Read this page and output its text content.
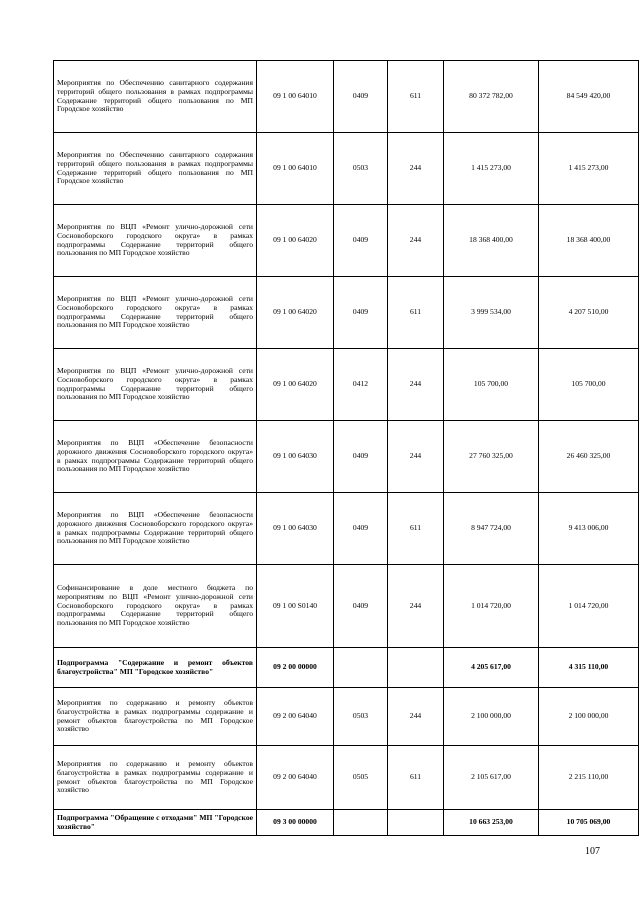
Мероприятия по Обеспечению санитарного содержания территорий общего пользования в рамках подпрограммы Содержание территорий общего пользования по МП Городское хозяйство	09 1 00 64010	0409	611	80 372 782,00	84 549 420,00
Мероприятия по Обеспечению санитарного содержания территорий общего пользования в рамках подпрограммы Содержание территорий общего пользования по МП Городское хозяйство	09 1 00 64010	0503	244	1 415 273,00	1 415 273,00
Мероприятия по ВЦП «Ремонт улично-дорожной сети Сосновоборского городского округа» в рамках подпрограммы Содержание территорий общего пользования по МП Городское хозяйство	09 1 00 64020	0409	244	18 368 400,00	18 368 400,00
Мероприятия по ВЦП «Ремонт улично-дорожной сети Сосновоборского городского округа» в рамках подпрограммы Содержание территорий общего пользования по МП Городское хозяйство	09 1 00 64020	0409	611	3 999 534,00	4 207 510,00
Мероприятия по ВЦП «Ремонт улично-дорожной сети Сосновоборского городского округа» в рамках подпрограммы Содержание территорий общего пользования по МП Городское хозяйство	09 1 00 64020	0412	244	105 700,00	105 700,00
Мероприятия по ВЦП «Обеспечение безопасности дорожного движения Сосновоборского городского округа» в рамках подпрограммы Содержание территорий общего пользования по МП Городское хозяйство	09 1 00 64030	0409	244	27 760 325,00	26 460 325,00
Мероприятия по ВЦП «Обеспечение безопасности дорожного движения Сосновоборского городского округа» в рамках подпрограммы Содержание территорий общего пользования по МП Городское хозяйство	09 1 00 64030	0409	611	8 947 724,00	9 413 006,00
Софинансирование в доле местного бюджета по мероприятиям по ВЦП «Ремонт улично-дорожной сети Сосновоборского городского округа» в рамках подпрограммы Содержание территорий общего пользования по МП Городское хозяйство	09 1 00 S0140	0409	244	1 014 720,00	1 014 720,00
Подпрограмма "Содержание и ремонт объектов благоустройства" МП "Городское хозяйство"	09 2 00 00000			4 205 617,00	4 315 110,00
Мероприятия по содержанию и ремонту объектов благоустройства в рамках подпрограммы содержание и ремонт объектов благоустройства по МП Городское хозяйство	09 2 00 64040	0503	244	2 100 000,00	2 100 000,00
Мероприятия по содержанию и ремонту объектов благоустройства в рамках подпрограммы содержание и ремонт объектов благоустройства по МП Городское хозяйство	09 2 00 64040	0505	611	2 105 617,00	2 215 110,00
Подпрограмма "Обращение с отходами" МП "Городское хозяйство"	09 3 00 00000			10 663 253,00	10 705 069,00
107
